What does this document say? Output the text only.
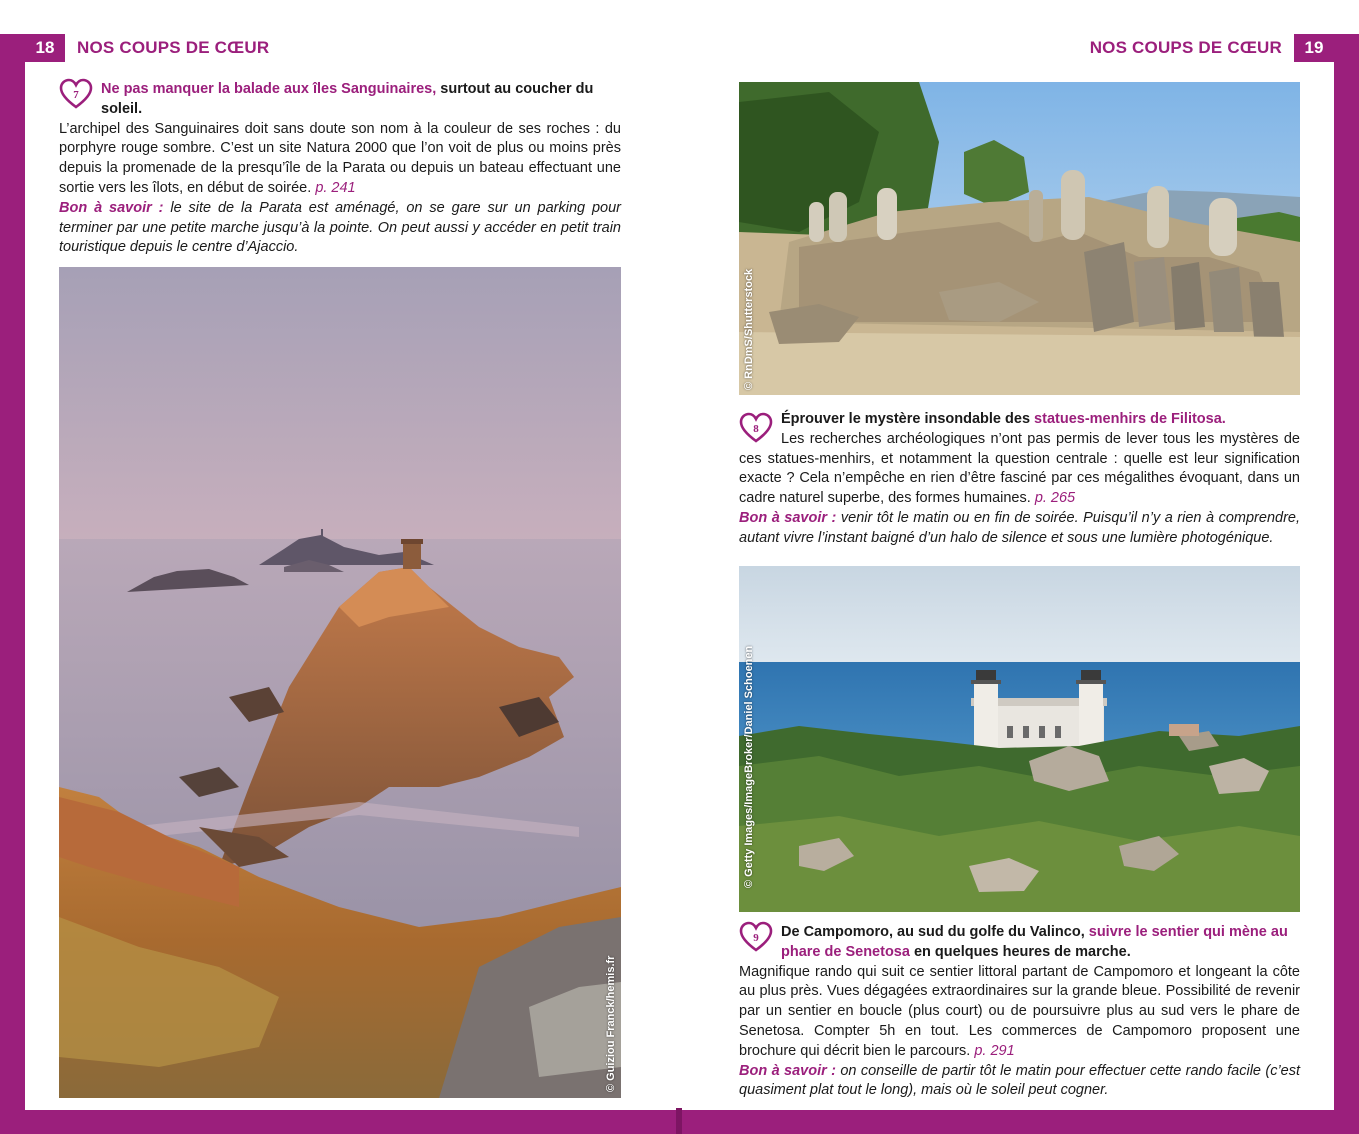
18	NOS COUPS DE CŒUR	NOS COUPS DE CŒUR	19
7	Ne pas manquer la balade aux îles Sanguinaires, surtout au coucher du soleil.
L’archipel des Sanguinaires doit sans doute son nom à la couleur de ses roches : du porphyre rouge sombre. C’est un site Natura 2000 que l’on voit de plus ou moins près depuis la promenade de la presqu’île de la Parata ou depuis un bateau effectuant une sortie vers les îlots, en début de soirée. p. 241
Bon à savoir : le site de la Parata est aménagé, on se gare sur un parking pour terminer par une petite marche jusqu’à la pointe. On peut aussi y accéder en petit train touristique depuis le centre d’Ajaccio.
© Guiziou Franck/hemis.fr
© RnDmS/Shutterstock
8
Éprouver le mystère insondable des statues-menhirs de Filitosa.
Les recherches archéologiques n’ont pas permis de lever tous les mystères de ces statues-menhirs, et notamment la question centrale : quelle est leur signification exacte ? Cela n’empêche en rien d’être fasciné par ces mégalithes évoquant, dans un cadre naturel superbe, des formes humaines. p. 265
Bon à savoir : venir tôt le matin ou en fin de soirée. Puisqu’il n’y a rien à comprendre, autant vivre l’instant baigné d’un halo de silence et sous une lumière photogénique.
© Getty Images/ImageBroker/Daniel Schoenen
9	De Campomoro, au sud du golfe du Valinco, suivre le sentier qui mène au phare de Senetosa en quelques heures de marche.
Magnifique rando qui suit ce sentier littoral partant de Campomoro et longeant la côte au plus près. Vues dégagées extraordinaires sur la grande bleue. Possibilité de revenir par un sentier en boucle (plus court) ou de poursuivre plus au sud vers le phare de Senetosa. Compter 5h en tout. Les commerces de Campomoro proposent une brochure qui décrit bien le parcours. p. 291
Bon à savoir : on conseille de partir tôt le matin pour effectuer cette rando facile (c’est quasiment plat tout le long), mais où le soleil peut cogner.
